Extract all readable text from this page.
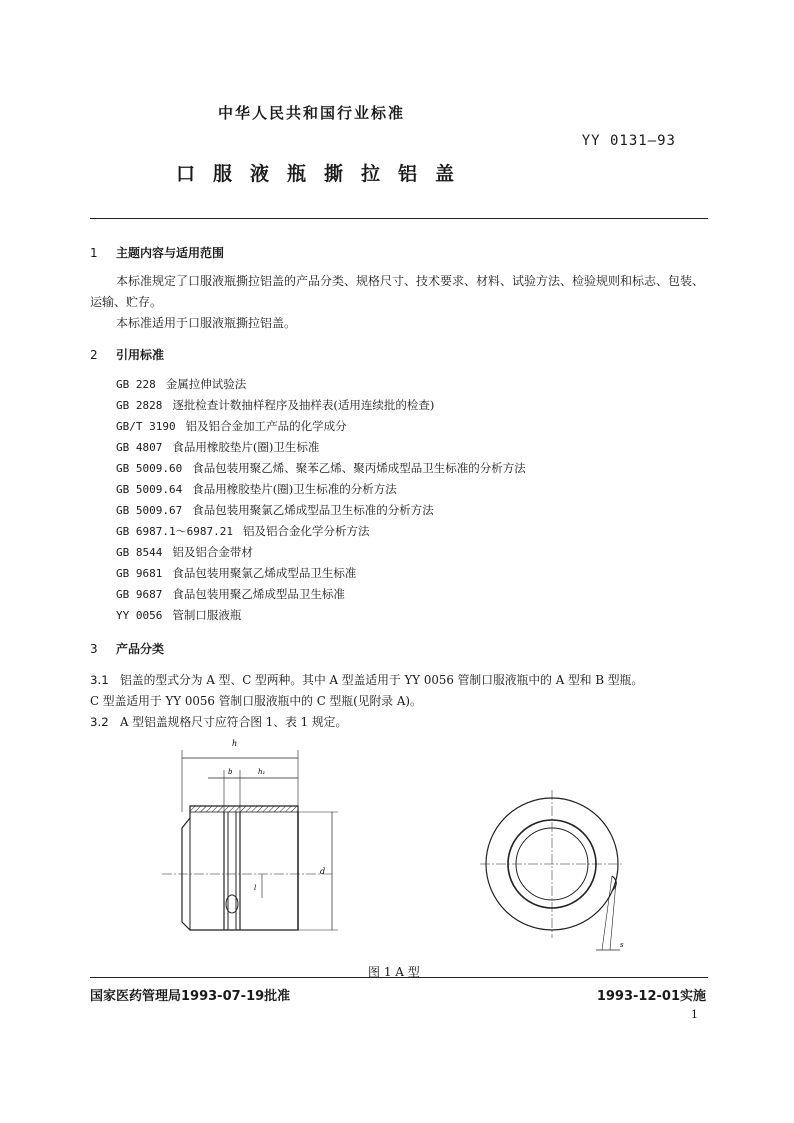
中华人民共和国行业标准
YY 0131—93
口服液瓶撕拉铝盖
1 主题内容与适用范围

本标准规定了口服液瓶撕拉铝盖的产品分类、规格尺寸、技术要求、材料、试验方法、检验规则和标志、包装、运输、贮存。

本标准适用于口服液瓶撕拉铝盖。

2 引用标准
GB 228 金属拉伸试验法
GB 2828 逐批检查计数抽样程序及抽样表(适用连续批的检查)
GB/T 3190 铝及铝合金加工产品的化学成分
GB 4807 食品用橡胶垫片(圈)卫生标准
GB 5009.60 食品包装用聚乙烯、聚苯乙烯、聚丙烯成型品卫生标准的分析方法
GB 5009.64 食品用橡胶垫片(圈)卫生标准的分析方法
GB 5009.67 食品包装用聚氯乙烯成型品卫生标准的分析方法
GB 6987.1～6987.21 铝及铝合金化学分析方法
GB 8544 铝及铝合金带材
GB 9681 食品包装用聚氯乙烯成型品卫生标准
GB 9687 食品包装用聚乙烯成型品卫生标准
YY 0056 管制口服液瓶
3 产品分类
3.1 铝盖的型式分为 A 型、C 型两种。其中 A 型盖适用于 YY 0056 管制口服液瓶中的 A 型和 B 型瓶。
C 型盖适用于 YY 0056 管制口服液瓶中的 C 型瓶(见附录 A)。
3.2 A 型铝盖规格尺寸应符合图 1、表 1 规定。
h
b	h₁
l
d
s
图 1 A 型
国家医药管理局1993-07-19批准	1993-12-01实施
1
